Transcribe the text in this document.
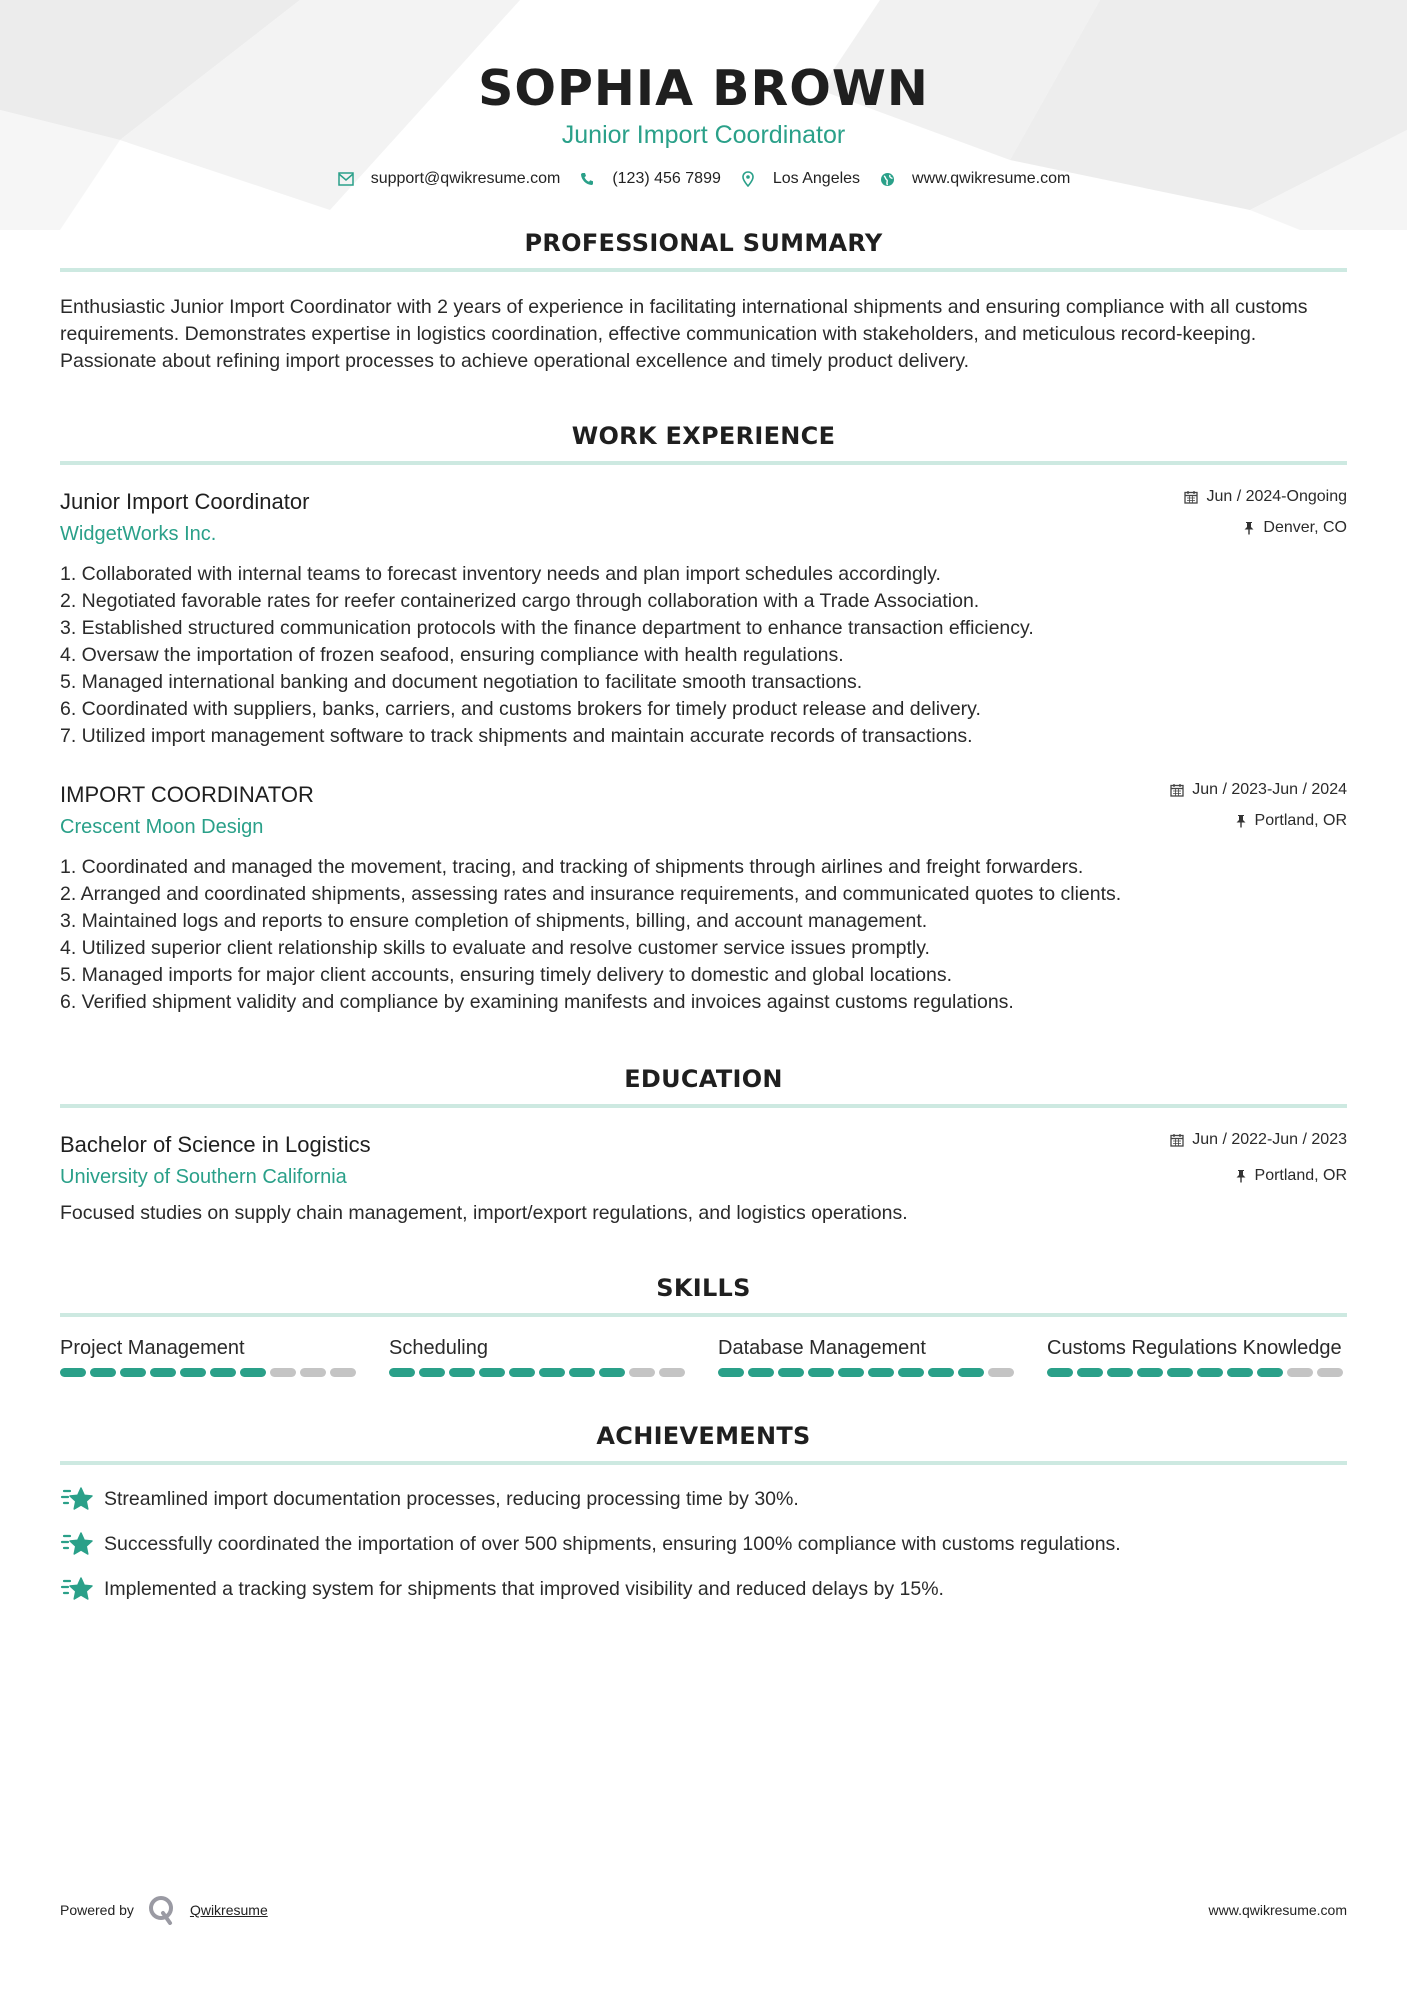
SOPHIA BROWN
Junior Import Coordinator
support@qwikresume.com	(123) 456 7899	Los Angeles	www.qwikresume.com
PROFESSIONAL SUMMARY
Enthusiastic Junior Import Coordinator with 2 years of experience in facilitating international shipments and ensuring compliance with all customs requirements. Demonstrates expertise in logistics coordination, effective communication with stakeholders, and meticulous record-keeping. Passionate about refining import processes to achieve operational excellence and timely product delivery.
WORK EXPERIENCE
Junior Import Coordinator
WidgetWorks Inc.
Jun / 2024-Ongoing
Denver, CO
1. Collaborated with internal teams to forecast inventory needs and plan import schedules accordingly.
2. Negotiated favorable rates for reefer containerized cargo through collaboration with a Trade Association.
3. Established structured communication protocols with the finance department to enhance transaction efficiency.
4. Oversaw the importation of frozen seafood, ensuring compliance with health regulations.
5. Managed international banking and document negotiation to facilitate smooth transactions.
6. Coordinated with suppliers, banks, carriers, and customs brokers for timely product release and delivery.
7. Utilized import management software to track shipments and maintain accurate records of transactions.
IMPORT COORDINATOR
Crescent Moon Design
Jun / 2023-Jun / 2024
Portland, OR
1. Coordinated and managed the movement, tracing, and tracking of shipments through airlines and freight forwarders.
2. Arranged and coordinated shipments, assessing rates and insurance requirements, and communicated quotes to clients.
3. Maintained logs and reports to ensure completion of shipments, billing, and account management.
4. Utilized superior client relationship skills to evaluate and resolve customer service issues promptly.
5. Managed imports for major client accounts, ensuring timely delivery to domestic and global locations.
6. Verified shipment validity and compliance by examining manifests and invoices against customs regulations.
EDUCATION
Bachelor of Science in Logistics
University of Southern California
Jun / 2022-Jun / 2023
Portland, OR
Focused studies on supply chain management, import/export regulations, and logistics operations.
SKILLS
Project Management	Scheduling	Database Management	Customs Regulations Knowledge
ACHIEVEMENTS
Streamlined import documentation processes, reducing processing time by 30%.
Successfully coordinated the importation of over 500 shipments, ensuring 100% compliance with customs regulations.
Implemented a tracking system for shipments that improved visibility and reduced delays by 15%.
Powered by	Qwikresume	www.qwikresume.com
